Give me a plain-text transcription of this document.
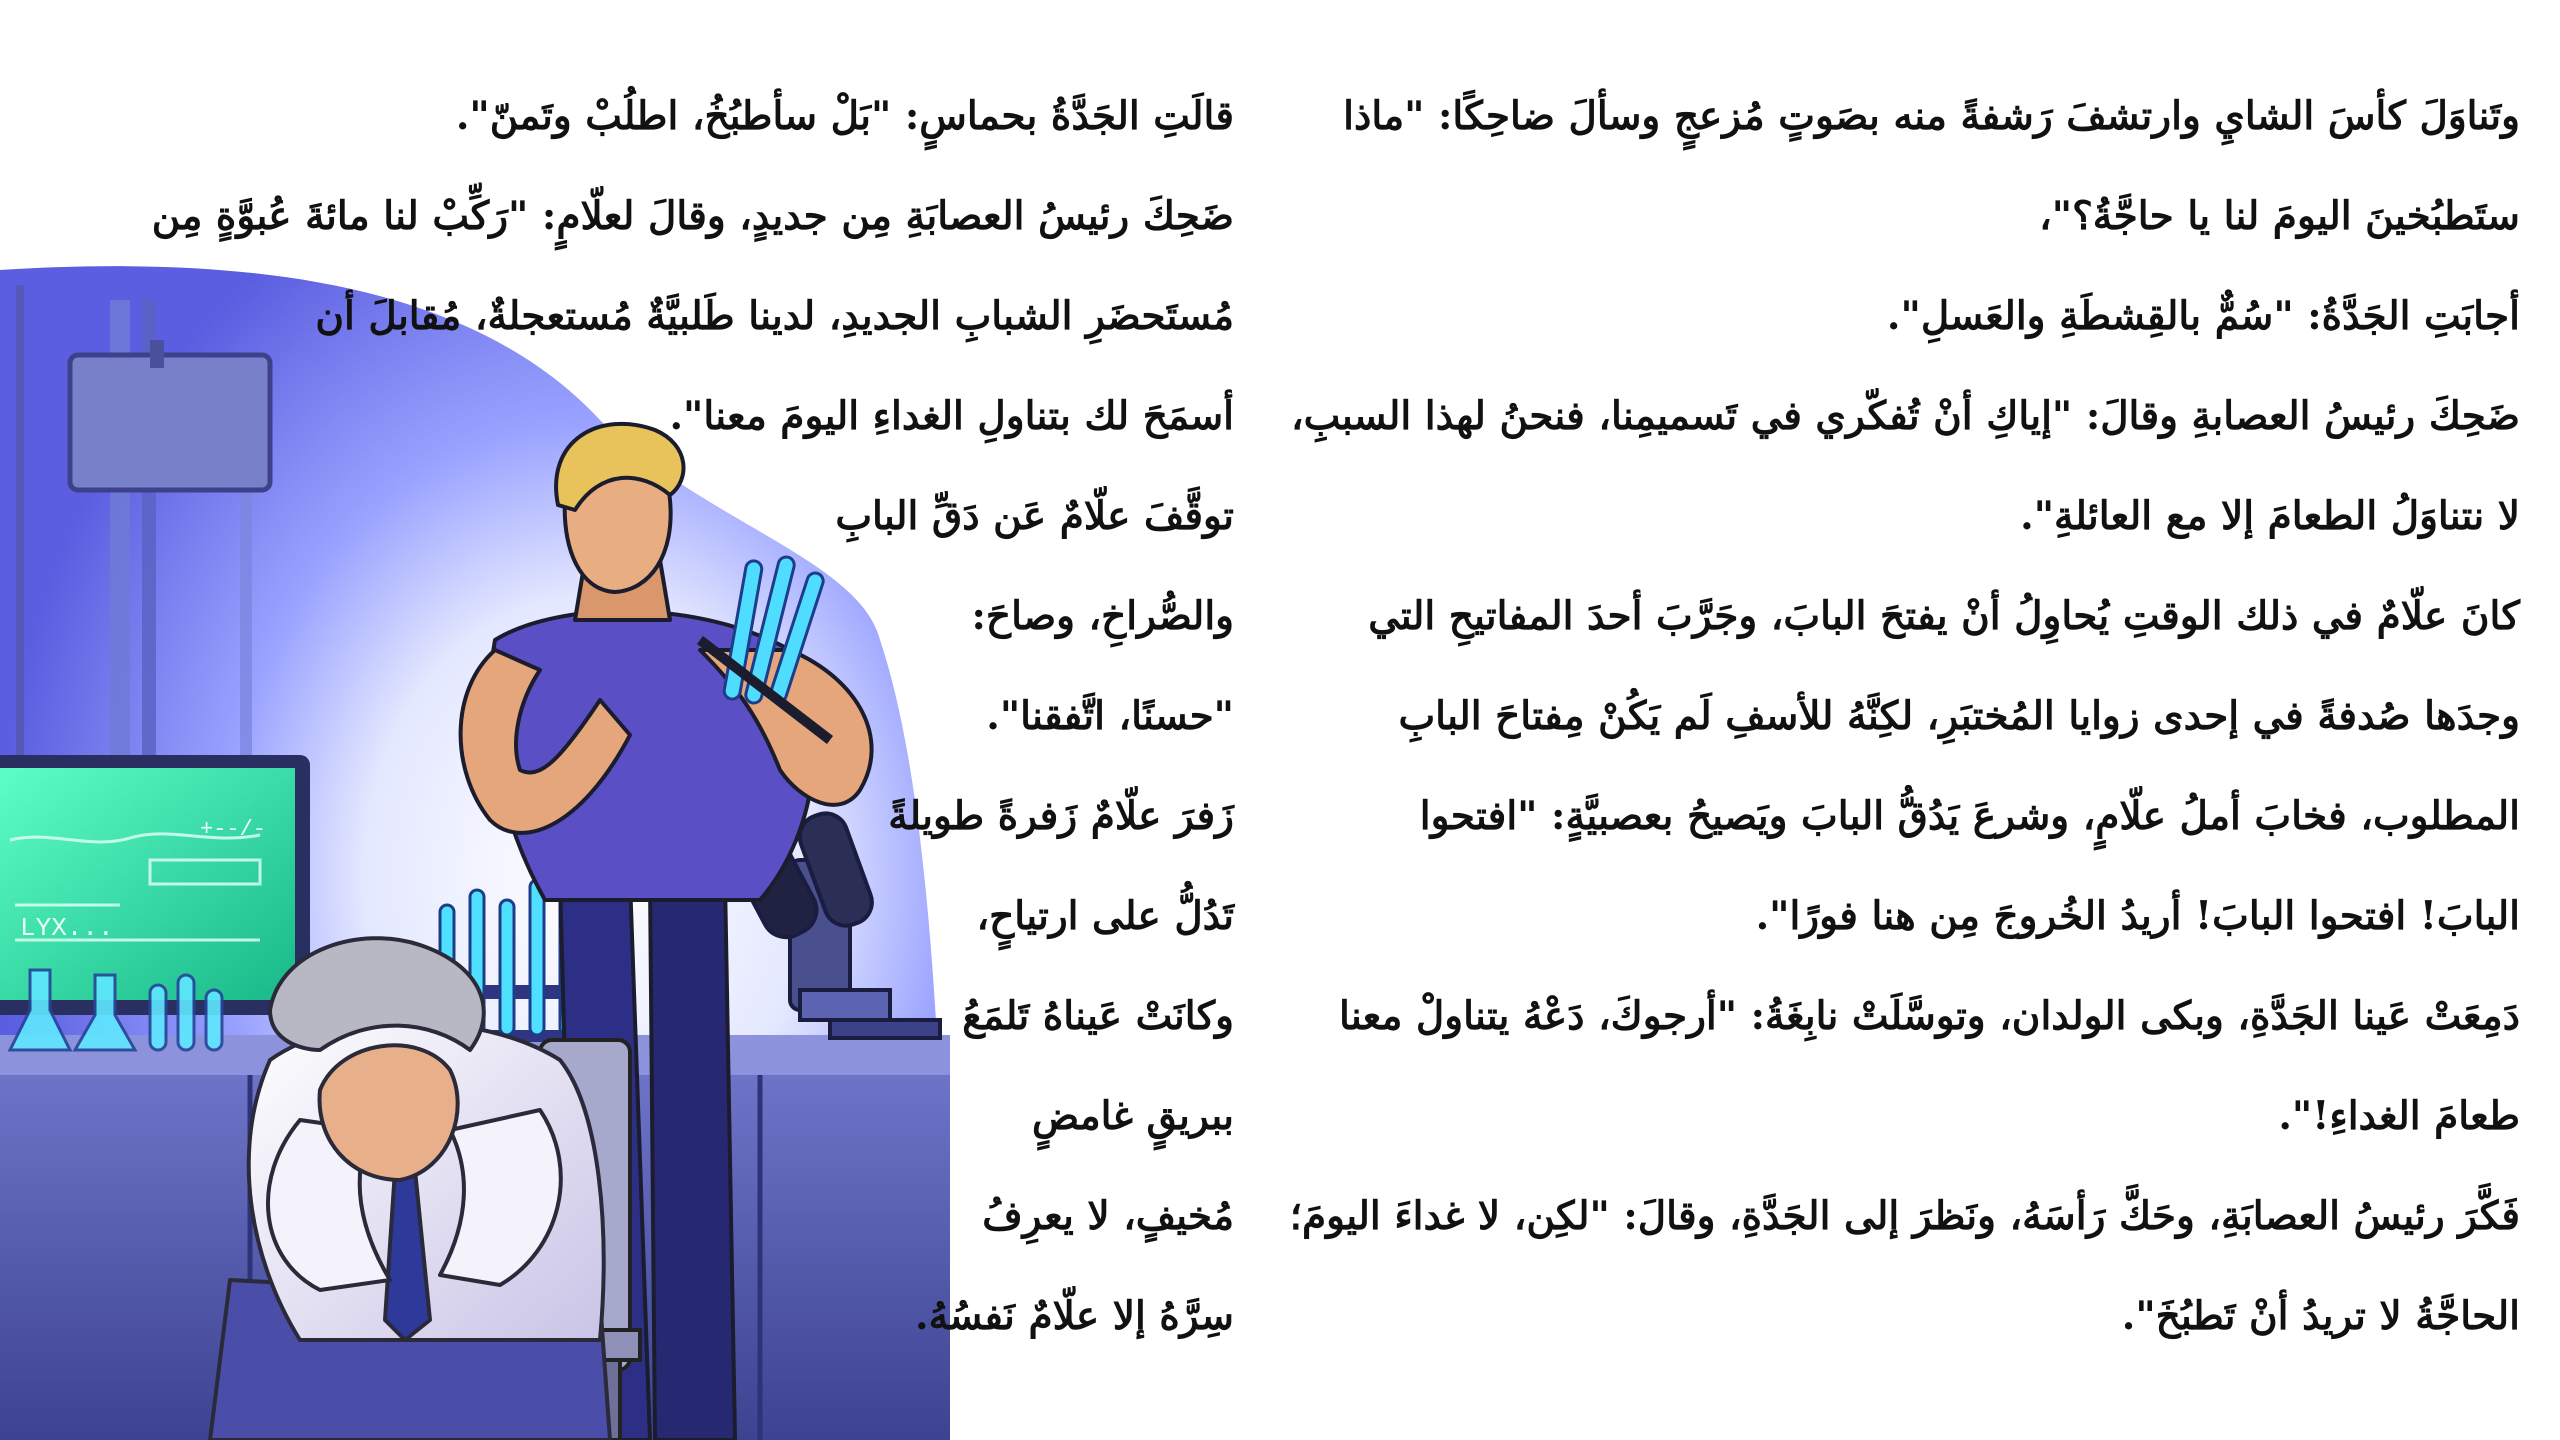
LYX...
+--/-

قالَتِ الجَدَّةُ بحماسٍ: "بَلْ سأطبُخُ، اطلُبْ وتَمنّ".

ضَحِكَ رئيسُ العصابَةِ مِن جديدٍ، وقالَ لعلّامٍ: "رَكِّبْ لنا مائةَ عُبوَّةٍ مِن

مُستَحضَرِ الشبابِ الجديدِ، لدينا طَلبيَّةٌ مُستعجلةٌ، مُقابلَ أن

أسمَحَ لك بتناولِ الغداءِ اليومَ معنا".

توقَّفَ علّامٌ عَن دَقِّ البابِ

والصُّراخِ، وصاحَ:

"حسنًا، اتَّفقنا".

زَفرَ علّامٌ زَفرةً طويلةً

تَدُلُّ على ارتياحٍ،

وكانَتْ عَيناهُ تَلمَعُ

ببريقٍ غامضٍ

مُخيفٍ، لا يعرِفُ

سِرَّهُ إلا علّامٌ نَفسُهُ.

وتَناوَلَ كأسَ الشايِ وارتشفَ رَشفةً منه بصَوتٍ مُزعجٍ وسألَ ضاحِكًا: "ماذا

ستَطبُخينَ اليومَ لنا يا حاجَّةُ؟"،

أجابَتِ الجَدَّةُ: "سُمٌّ بالقِشطَةِ والعَسلِ".

ضَحِكَ رئيسُ العصابةِ وقالَ: "إياكِ أنْ تُفكّري في تَسميمِنا، فنحنُ لهذا السببِ،

لا نتناوَلُ الطعامَ إلا مع العائلةِ".

كانَ علّامٌ في ذلك الوقتِ يُحاوِلُ أنْ يفتحَ البابَ، وجَرَّبَ أحدَ المفاتيحِ التي

وجدَها صُدفةً في إحدى زوايا المُختبَرِ، لكِنَّهُ للأسفِ لَم يَكُنْ مِفتاحَ البابِ

المطلوب، فخابَ أملُ علّامٍ، وشرعَ يَدُقُّ البابَ ويَصيحُ بعصبيَّةٍ: "افتحوا

البابَ! افتحوا البابَ! أريدُ الخُروجَ مِن هنا فورًا".

دَمِعَتْ عَينا الجَدَّةِ، وبكى الولدان، وتوسَّلَتْ نابِغَةُ: "أرجوكَ، دَعْهُ يتناولْ معنا

طعامَ الغداءِ!".

فَكَّرَ رئيسُ العصابَةِ، وحَكَّ رَأسَهُ، ونَظرَ إلى الجَدَّةِ، وقالَ: "لكِن، لا غداءَ اليومَ؛

الحاجَّةُ لا تريدُ أنْ تَطبُخَ".
